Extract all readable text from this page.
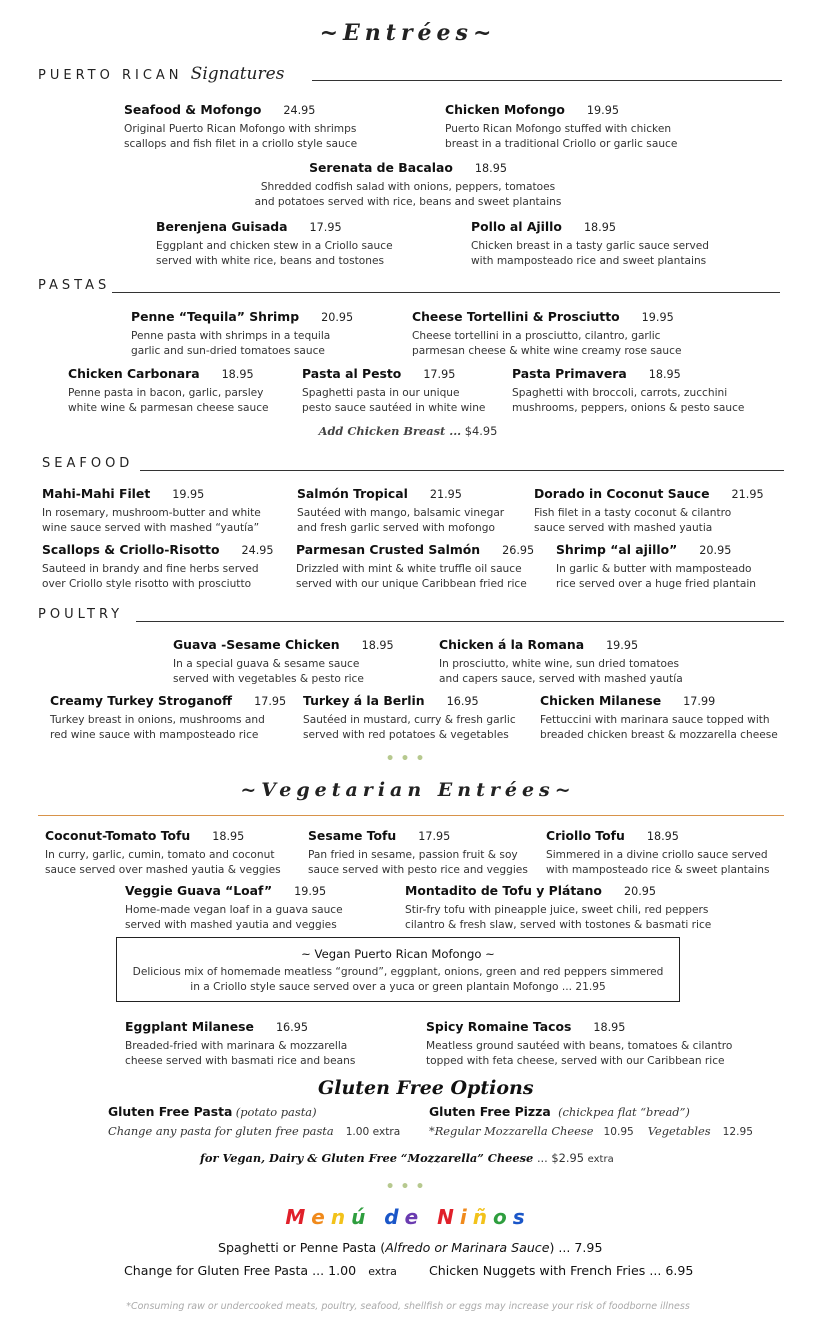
~Entrées~
PUERTO RICAN Signatures
Seafood & Mofongo 24.95
Original Puerto Rican Mofongo with shrimps
scallops and fish filet in a criollo style sauce
Chicken Mofongo 19.95
Puerto Rican Mofongo stuffed with chicken
breast in a traditional Criollo or garlic sauce
Serenata de Bacalao 18.95
Shredded codfish salad with onions, peppers, tomatoes
and potatoes served with rice, beans and sweet plantains
Berenjena Guisada 17.95
Eggplant and chicken stew in a Criollo sauce
served with white rice, beans and tostones
Pollo al Ajillo 18.95
Chicken breast in a tasty garlic sauce served
with mamposteado rice and sweet plantains
PASTAS
Penne “Tequila” Shrimp 20.95
Penne pasta with shrimps in a tequila
garlic and sun-dried tomatoes sauce
Cheese Tortellini & Prosciutto 19.95
Cheese tortellini in a prosciutto, cilantro, garlic
parmesan cheese & white wine creamy rose sauce
Chicken Carbonara 18.95
Penne pasta in bacon, garlic, parsley
white wine & parmesan cheese sauce
Pasta al Pesto 17.95
Spaghetti pasta in our unique
pesto sauce sautéed in white wine
Pasta Primavera 18.95
Spaghetti with broccoli, carrots, zucchini
mushrooms, peppers, onions & pesto sauce
Add Chicken Breast ... $4.95
SEAFOOD
Mahi-Mahi Filet 19.95
In rosemary, mushroom-butter and white
wine sauce served with mashed “yautía”
Salmón Tropical 21.95
Sautéed with mango, balsamic vinegar
and fresh garlic served with mofongo
Dorado in Coconut Sauce 21.95
Fish filet in a tasty coconut & cilantro
sauce served with mashed yautia
Scallops & Criollo-Risotto 24.95
Sauteed in brandy and fine herbs served
over Criollo style risotto with prosciutto
Parmesan Crusted Salmón 26.95
Drizzled with mint & white truffle oil sauce
served with our unique Caribbean fried rice
Shrimp “al ajillo” 20.95
In garlic & butter with mamposteado
rice served over a huge fried plantain
POULTRY
Guava -Sesame Chicken 18.95
In a special guava & sesame sauce
served with vegetables & pesto rice
Chicken á la Romana 19.95
In prosciutto, white wine, sun dried tomatoes
and capers sauce, served with mashed yautía
Creamy Turkey Stroganoff 17.95
Turkey breast in onions, mushrooms and
red wine sauce with mamposteado rice
Turkey á la Berlin 16.95
Sautéed in mustard, curry & fresh garlic
served with red potatoes & vegetables
Chicken Milanese 17.99
Fettuccini with marinara sauce topped with
breaded chicken breast & mozzarella cheese
•••
~Vegetarian Entrées~
Coconut-Tomato Tofu 18.95
In curry, garlic, cumin, tomato and coconut
sauce served over mashed yautia & veggies
Sesame Tofu 17.95
Pan fried in sesame, passion fruit & soy
sauce served with pesto rice and veggies
Criollo Tofu 18.95
Simmered in a divine criollo sauce served
with mamposteado rice & sweet plantains
Veggie Guava “Loaf” 19.95
Home-made vegan loaf in a guava sauce
served with mashed yautia and veggies
Montadito de Tofu y Plátano 20.95
Stir-fry tofu with pineapple juice, sweet chili, red peppers
cilantro & fresh slaw, served with tostones & basmati rice
~ Vegan Puerto Rican Mofongo ~
Delicious mix of homemade meatless “ground”, eggplant, onions, green and red peppers simmered
in a Criollo style sauce served over a yuca or green plantain Mofongo ... 21.95
Eggplant Milanese 16.95
Breaded-fried with marinara & mozzarella
cheese served with basmati rice and beans
Spicy Romaine Tacos 18.95
Meatless ground sautéed with beans, tomatoes & cilantro
topped with feta cheese, served with our Caribbean rice
Gluten Free Options
Gluten Free Pasta (potato pasta)
Change any pasta for gluten free pasta 1.00 extra
Gluten Free Pizza (chickpea flat “bread”)
*Regular Mozzarella Cheese 10.95 Vegetables 12.95
for Vegan, Dairy & Gluten Free “Mozzarella” Cheese ... $2.95 extra
•••
Menú de Niños
Spaghetti or Penne Pasta (Alfredo or Marinara Sauce) ... 7.95
Change for Gluten Free Pasta ... 1.00 extra	Chicken Nuggets with French Fries ... 6.95
*Consuming raw or undercooked meats, poultry, seafood, shellfish or eggs may increase your risk of foodborne illness
